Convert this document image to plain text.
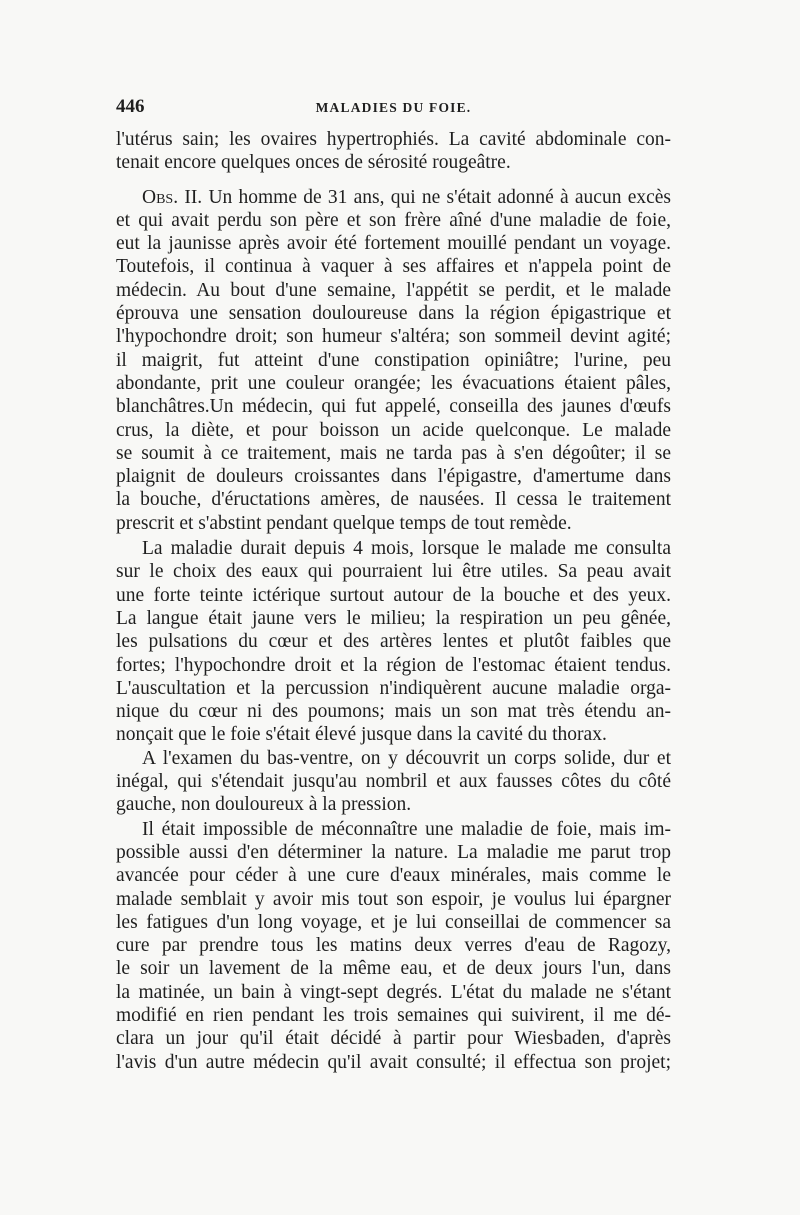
446	MALADIES DU FOIE.
l'utérus sain; les ovaires hypertrophiés. La cavité abdominale con-
tenait encore quelques onces de sérosité rougeâtre.
Obs. II. Un homme de 31 ans, qui ne s'était adonné à aucun excès
et qui avait perdu son père et son frère aîné d'une maladie de foie,
eut la jaunisse après avoir été fortement mouillé pendant un voyage.
Toutefois, il continua à vaquer à ses affaires et n'appela point de
médecin. Au bout d'une semaine, l'appétit se perdit, et le malade
éprouva une sensation douloureuse dans la région épigastrique et
l'hypochondre droit; son humeur s'altéra; son sommeil devint agité;
il maigrit, fut atteint d'une constipation opiniâtre; l'urine, peu
abondante, prit une couleur orangée; les évacuations étaient pâles,
blanchâtres.Un médecin, qui fut appelé, conseilla des jaunes d'œufs
crus, la diète, et pour boisson un acide quelconque. Le malade
se soumit à ce traitement, mais ne tarda pas à s'en dégoûter; il se
plaignit de douleurs croissantes dans l'épigastre, d'amertume dans
la bouche, d'éructations amères, de nausées. Il cessa le traitement
prescrit et s'abstint pendant quelque temps de tout remède.
La maladie durait depuis 4 mois, lorsque le malade me consulta
sur le choix des eaux qui pourraient lui être utiles. Sa peau avait
une forte teinte ictérique surtout autour de la bouche et des yeux.
La langue était jaune vers le milieu; la respiration un peu gênée,
les pulsations du cœur et des artères lentes et plutôt faibles que
fortes; l'hypochondre droit et la région de l'estomac étaient tendus.
L'auscultation et la percussion n'indiquèrent aucune maladie orga-
nique du cœur ni des poumons; mais un son mat très étendu an-
nonçait que le foie s'était élevé jusque dans la cavité du thorax.
A l'examen du bas-ventre, on y découvrit un corps solide, dur et
inégal, qui s'étendait jusqu'au nombril et aux fausses côtes du côté
gauche, non douloureux à la pression.
Il était impossible de méconnaître une maladie de foie, mais im-
possible aussi d'en déterminer la nature. La maladie me parut trop
avancée pour céder à une cure d'eaux minérales, mais comme le
malade semblait y avoir mis tout son espoir, je voulus lui épargner
les fatigues d'un long voyage, et je lui conseillai de commencer sa
cure par prendre tous les matins deux verres d'eau de Ragozy,
le soir un lavement de la même eau, et de deux jours l'un, dans
la matinée, un bain à vingt-sept degrés. L'état du malade ne s'étant
modifié en rien pendant les trois semaines qui suivirent, il me dé-
clara un jour qu'il était décidé à partir pour Wiesbaden, d'après
l'avis d'un autre médecin qu'il avait consulté; il effectua son projet;
